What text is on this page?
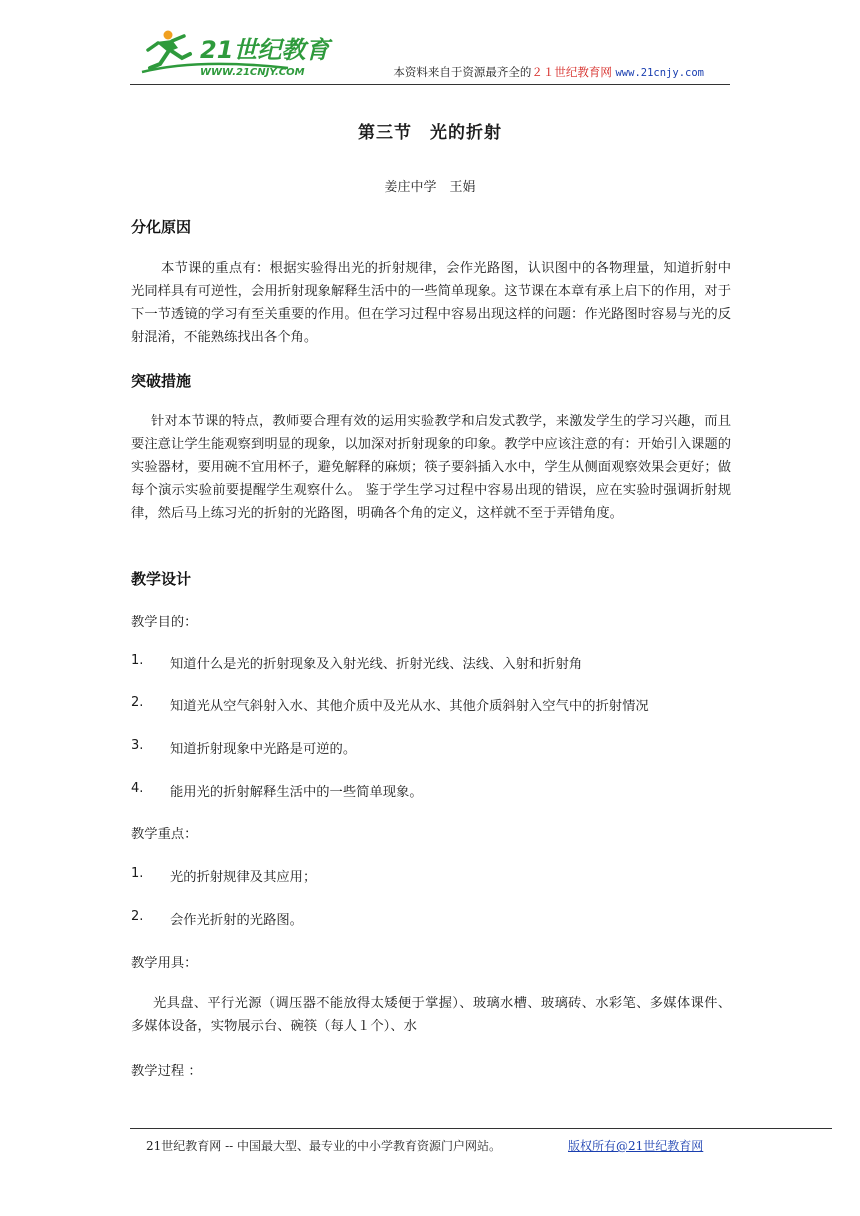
21世纪教育
WWW.21CNJY.COM	本资料来自于资源最齐全的２１世纪教育网 www.21cnjy.com
第三节　光的折射
姜庄中学　王娟
分化原因
本节课的重点有：根据实验得出光的折射规律，会作光路图，认识图中的各物理量，知道折射中光同样具有可逆性，会用折射现象解释生活中的一些简单现象。这节课在本章有承上启下的作用，对于下一节透镜的学习有至关重要的作用。但在学习过程中容易出现这样的问题：作光路图时容易与光的反射混淆，不能熟练找出各个角。
突破措施
针对本节课的特点，教师要合理有效的运用实验教学和启发式教学，来激发学生的学习兴趣，而且要注意让学生能观察到明显的现象，以加深对折射现象的印象。教学中应该注意的有：开始引入课题的实验器材，要用碗不宜用杯子，避免解释的麻烦；筷子要斜插入水中，学生从侧面观察效果会更好；做每个演示实验前要提醒学生观察什么。 鉴于学生学习过程中容易出现的错误，应在实验时强调折射规律，然后马上练习光的折射的光路图，明确各个角的定义，这样就不至于弄错角度。
教学设计
教学目的：
1. 知道什么是光的折射现象及入射光线、折射光线、法线、入射和折射角
2. 知道光从空气斜射入水、其他介质中及光从水、其他介质斜射入空气中的折射情况
3. 知道折射现象中光路是可逆的。
4. 能用光的折射解释生活中的一些简单现象。
教学重点：
1. 光的折射规律及其应用；
2. 会作光折射的光路图。
教学用具：
光具盘、平行光源（调压器不能放得太矮便于掌握）、玻璃水槽、玻璃砖、水彩笔、多媒体课件、多媒体设备，实物展示台、碗筷（每人１个）、水
教学过程 ：
21世纪教育网 -- 中国最大型、最专业的中小学教育资源门户网站。	版权所有@21世纪教育网
